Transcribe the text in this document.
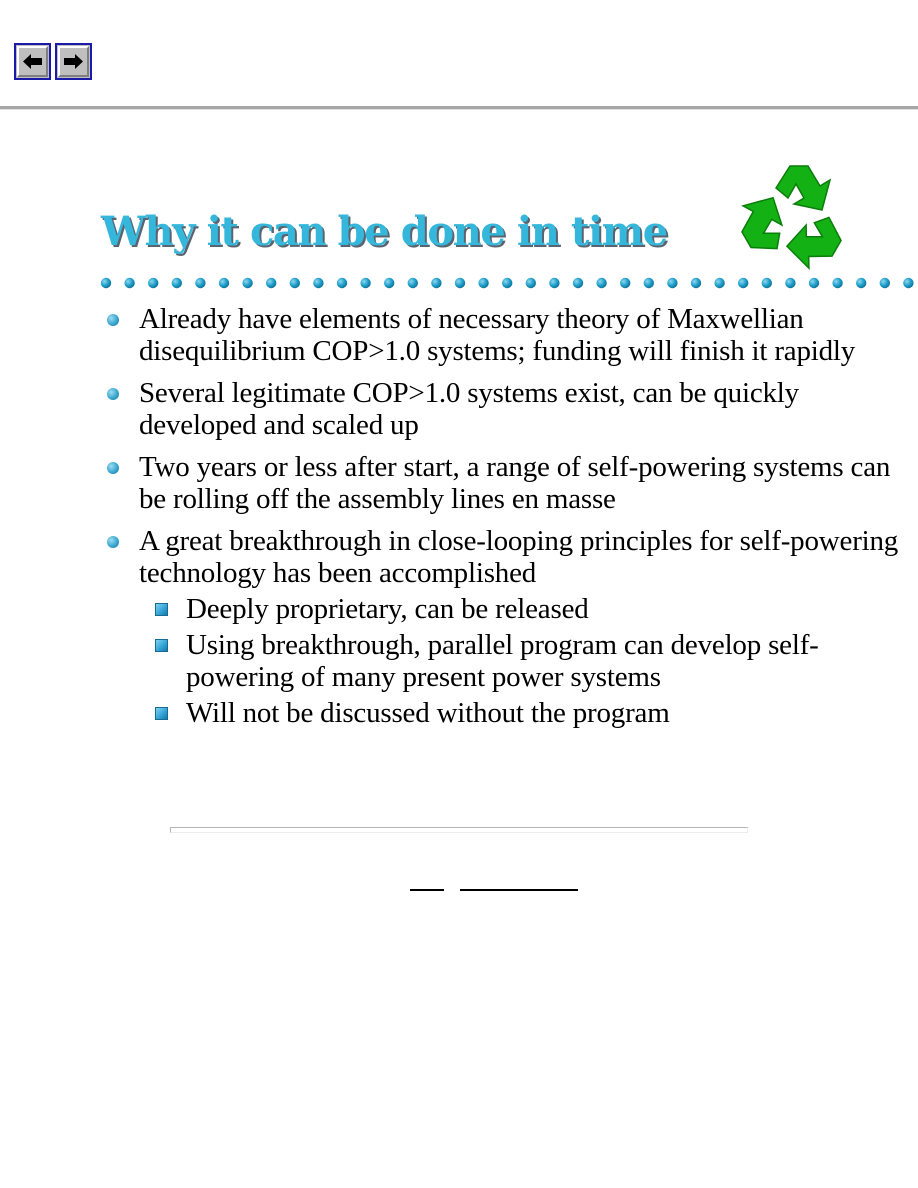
Why it can be done in time
Already have elements of necessary theory of Maxwellian disequilibrium COP>1.0 systems; funding will finish it rapidly
Several legitimate COP>1.0 systems exist, can be quickly developed and scaled up
Two years or less after start, a range of self-powering systems can be rolling off the assembly lines en masse
A great breakthrough in close-looping principles for self-powering technology has been accomplished
Deeply proprietary, can be released
Using breakthrough, parallel program can develop self-powering of many present power systems
Will not be discussed without the program
